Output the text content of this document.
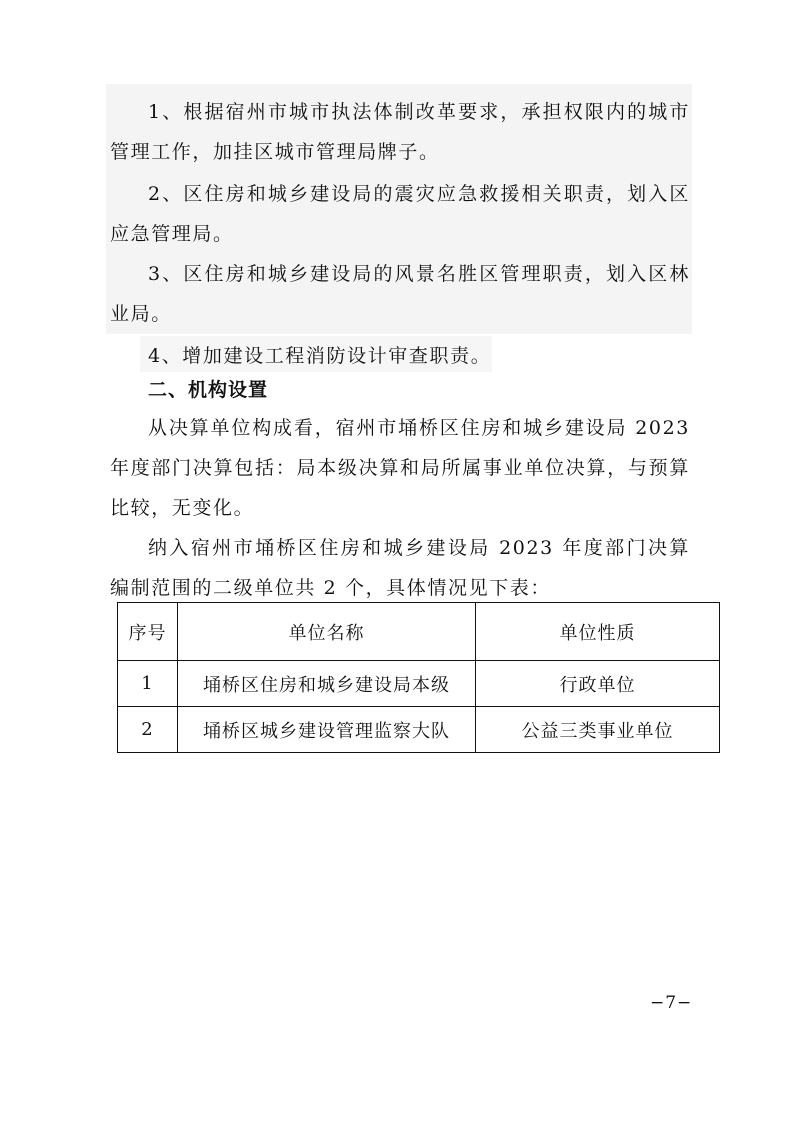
1、根据宿州市城市执法体制改革要求，承担权限内的城市管理工作，加挂区城市管理局牌子。
2、区住房和城乡建设局的震灾应急救援相关职责，划入区应急管理局。
3、区住房和城乡建设局的风景名胜区管理职责，划入区林业局。
4、增加建设工程消防设计审查职责。
二、机构设置
从决算单位构成看，宿州市埇桥区住房和城乡建设局 2023 年度部门决算包括：局本级决算和局所属事业单位决算，与预算比较，无变化。
纳入宿州市埇桥区住房和城乡建设局 2023 年度部门决算编制范围的二级单位共 2 个，具体情况见下表：
序号	单位名称	单位性质
1	埇桥区住房和城乡建设局本级	行政单位
2	埇桥区城乡建设管理监察大队	公益三类事业单位
−7−
